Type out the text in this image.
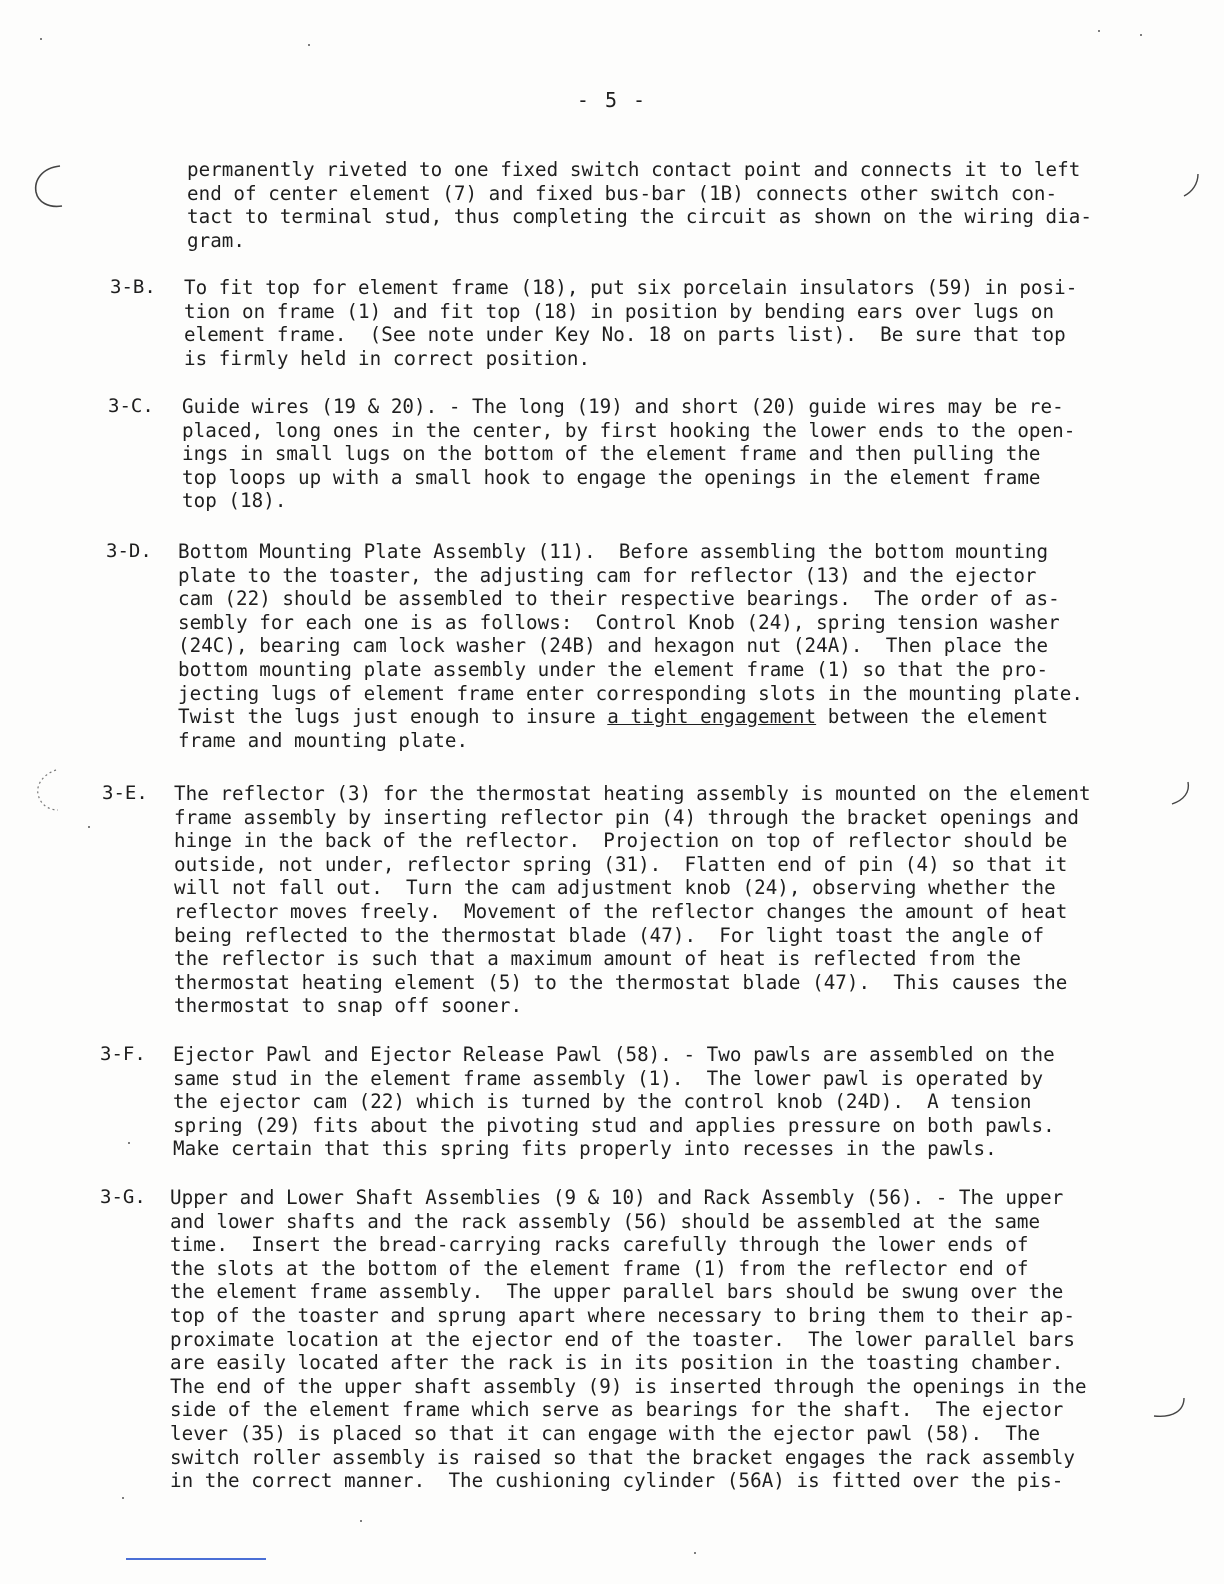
- 5 -

permanently riveted to one fixed switch contact point and connects it to left

end of center element (7) and fixed bus-bar (1B) connects other switch con-

tact to terminal stud, thus completing the circuit as shown on the wiring dia-

gram.

3-B. To fit top for element frame (18), put six porcelain insulators (59) in posi-

tion on frame (1) and fit top (18) in position by bending ears over lugs on

element frame.  (See note under Key No. 18 on parts list).  Be sure that top

is firmly held in correct position.

3-C. Guide wires (19 & 20). - The long (19) and short (20) guide wires may be re-

placed, long ones in the center, by first hooking the lower ends to the open-

ings in small lugs on the bottom of the element frame and then pulling the

top loops up with a small hook to engage the openings in the element frame

top (18).

3-D. Bottom Mounting Plate Assembly (11).  Before assembling the bottom mounting

plate to the toaster, the adjusting cam for reflector (13) and the ejector

cam (22) should be assembled to their respective bearings.  The order of as-

sembly for each one is as follows:  Control Knob (24), spring tension washer

(24C), bearing cam lock washer (24B) and hexagon nut (24A).  Then place the

bottom mounting plate assembly under the element frame (1) so that the pro-

jecting lugs of element frame enter corresponding slots in the mounting plate.

Twist the lugs just enough to insure a tight engagement between the element

frame and mounting plate.

3-E. The reflector (3) for the thermostat heating assembly is mounted on the element

frame assembly by inserting reflector pin (4) through the bracket openings and

hinge in the back of the reflector.  Projection on top of reflector should be

outside, not under, reflector spring (31).  Flatten end of pin (4) so that it

will not fall out.  Turn the cam adjustment knob (24), observing whether the

reflector moves freely.  Movement of the reflector changes the amount of heat

being reflected to the thermostat blade (47).  For light toast the angle of

the reflector is such that a maximum amount of heat is reflected from the

thermostat heating element (5) to the thermostat blade (47).  This causes the

thermostat to snap off sooner.

3-F. Ejector Pawl and Ejector Release Pawl (58). - Two pawls are assembled on the

same stud in the element frame assembly (1).  The lower pawl is operated by

the ejector cam (22) which is turned by the control knob (24D).  A tension

spring (29) fits about the pivoting stud and applies pressure on both pawls.

Make certain that this spring fits properly into recesses in the pawls.

3-G. Upper and Lower Shaft Assemblies (9 & 10) and Rack Assembly (56). - The upper

and lower shafts and the rack assembly (56) should be assembled at the same

time.  Insert the bread-carrying racks carefully through the lower ends of

the slots at the bottom of the element frame (1) from the reflector end of

the element frame assembly.  The upper parallel bars should be swung over the

top of the toaster and sprung apart where necessary to bring them to their ap-

proximate location at the ejector end of the toaster.  The lower parallel bars

are easily located after the rack is in its position in the toasting chamber.

The end of the upper shaft assembly (9) is inserted through the openings in the

side of the element frame which serve as bearings for the shaft.  The ejector

lever (35) is placed so that it can engage with the ejector pawl (58).  The

switch roller assembly is raised so that the bracket engages the rack assembly

in the correct manner.  The cushioning cylinder (56A) is fitted over the pis-
